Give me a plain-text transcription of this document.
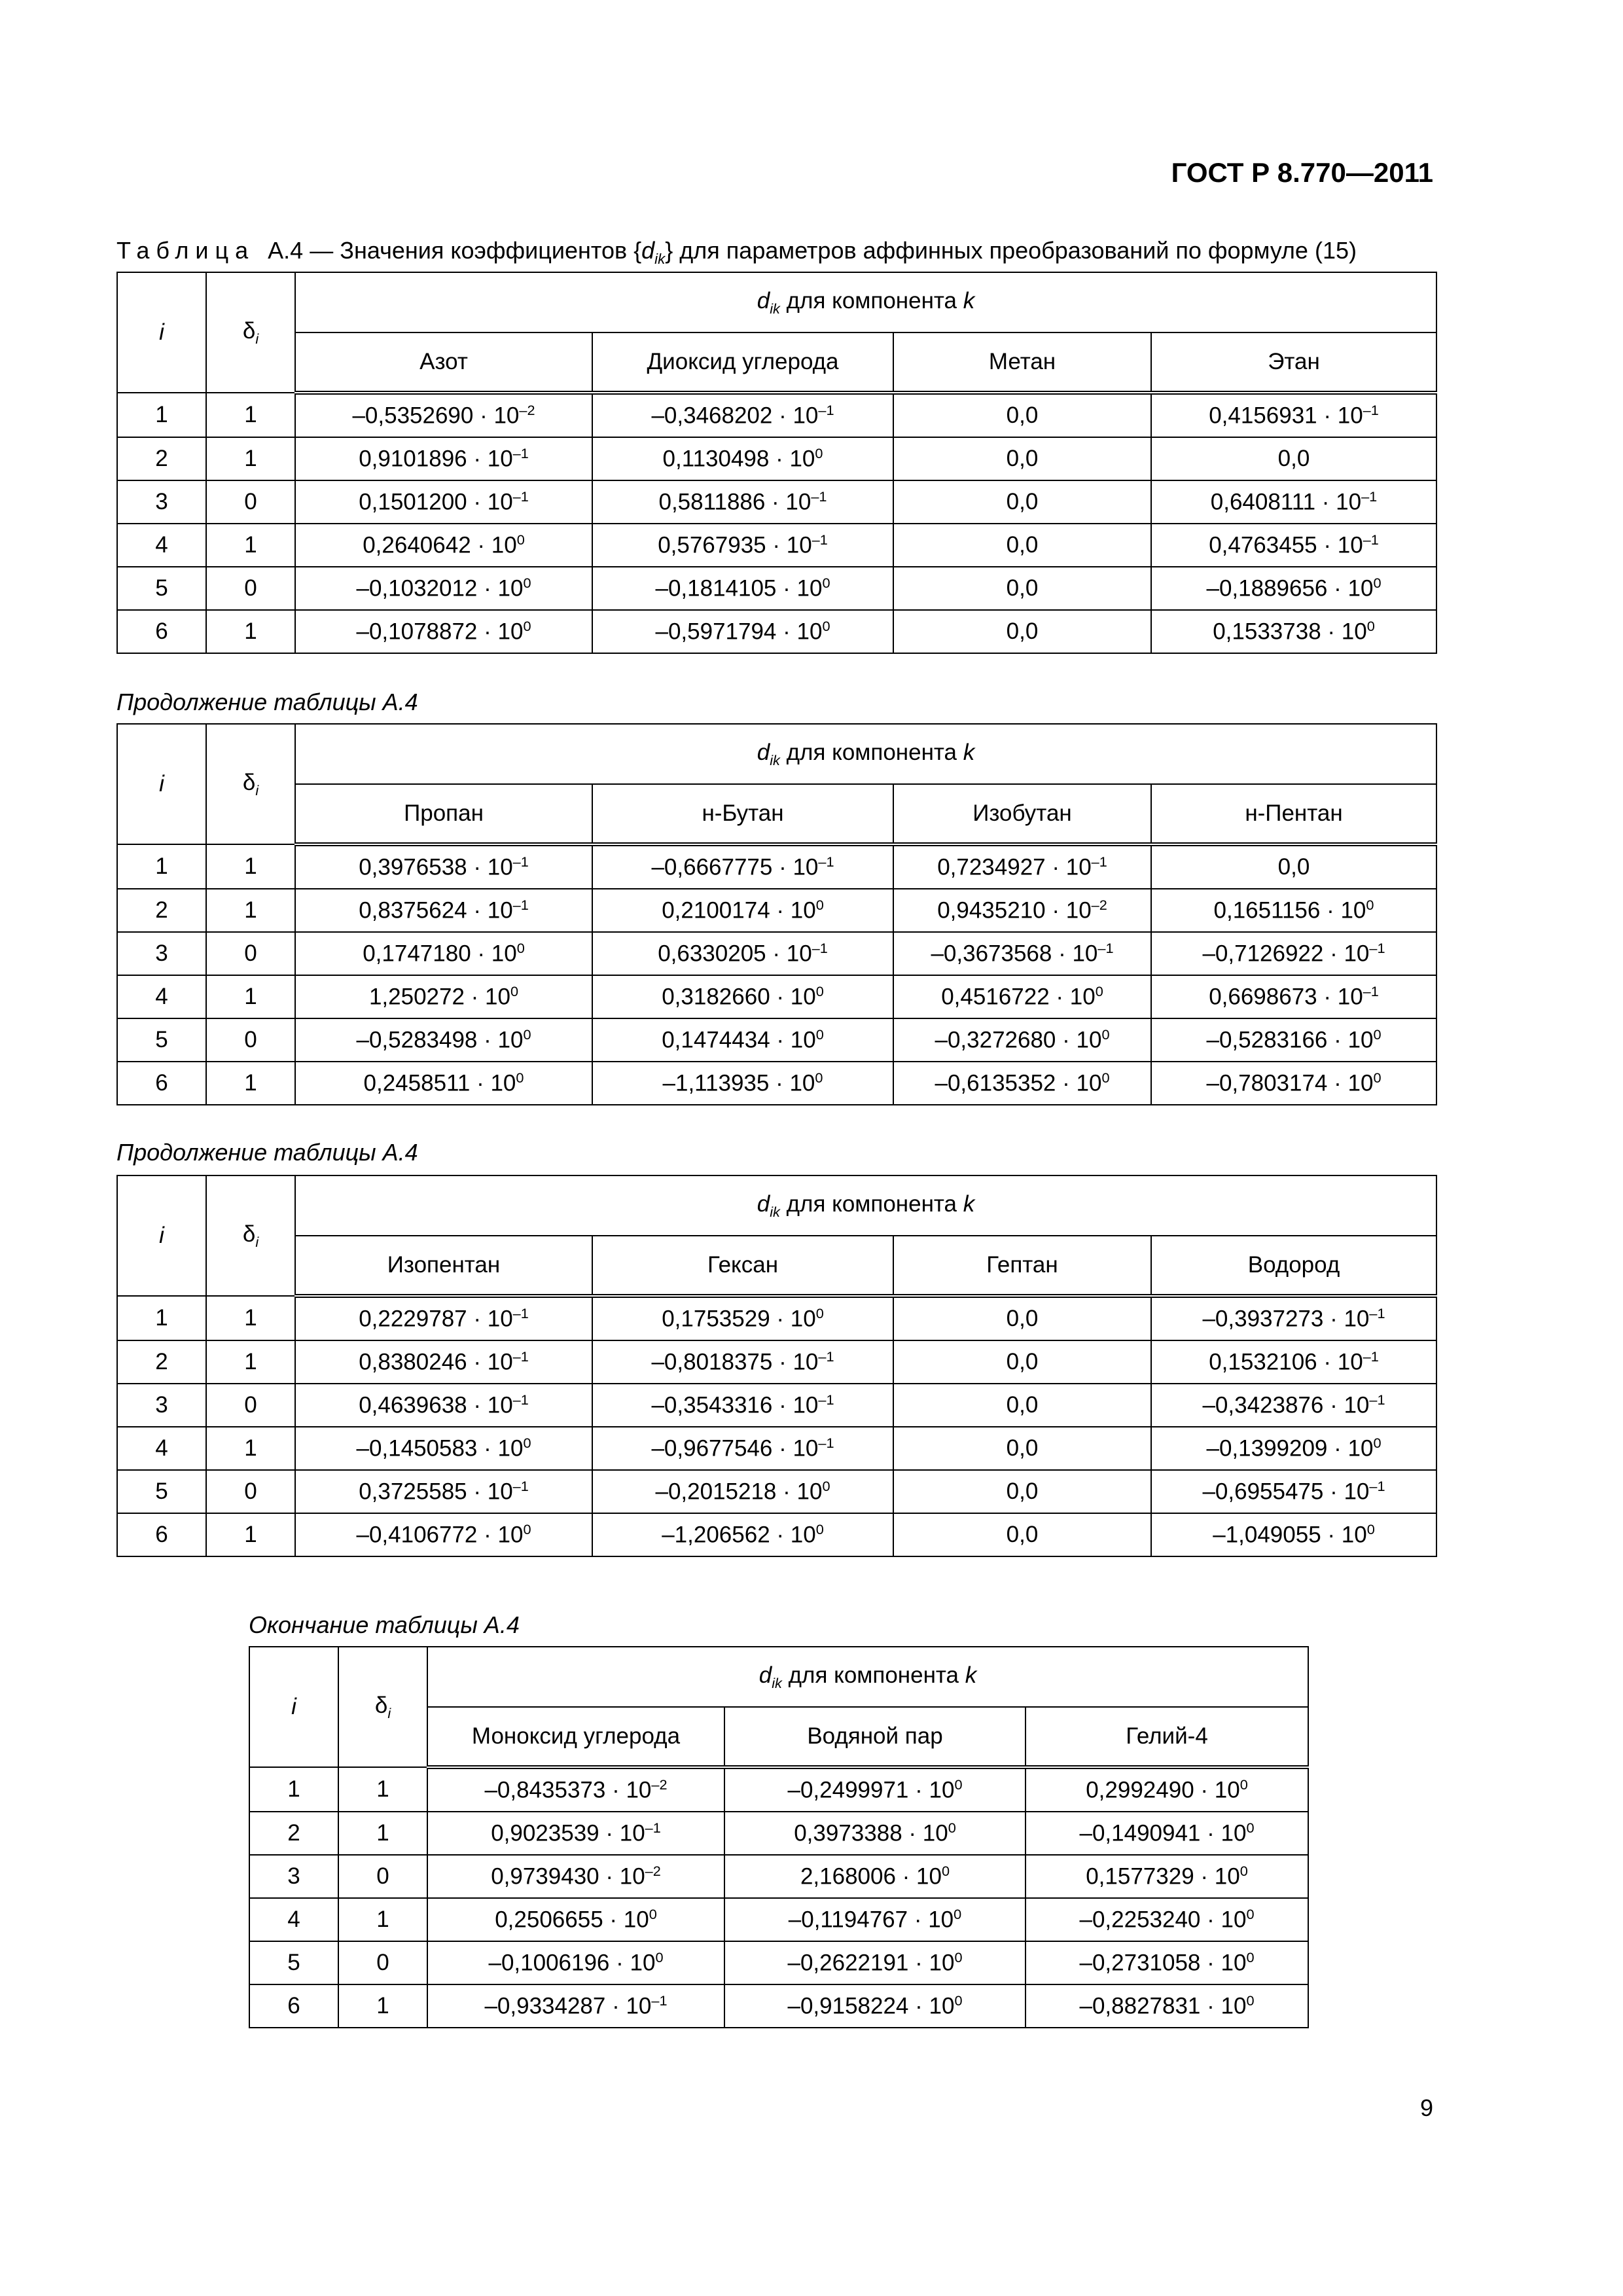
ГОСТ Р 8.770—2011
Таблица А.4 — Значения коэффициентов $\{d_{ik}\}$ для параметров аффинных преобразований по формуле (15)
i	$\delta_i$	$d_{ik}$ для компонента k			
		Азот	Диоксид углерода	Метан	Этан
1	1	$-0,5352690 \cdot 10^{-2}$	$-0,3468202 \cdot 10^{-1}$	0,0	$0,4156931 \cdot 10^{-1}$
2	1	$0,9101896 \cdot 10^{-1}$	$0,1130498 \cdot 10^0$	0,0	0,0
3	0	$0,1501200 \cdot 10^{-1}$	$0,5811886 \cdot 10^{-1}$	0,0	$0,6408111 \cdot 10^{-1}$
4	1	$0,2640642 \cdot 10^0$	$0,5767935 \cdot 10^{-1}$	0,0	$0,4763455 \cdot 10^{-1}$
5	0	$-0,1032012 \cdot 10^0$	$-0,1814105 \cdot 10^0$	0,0	$-0,1889656 \cdot 10^0$
6	1	$-0,1078872 \cdot 10^0$	$-0,5971794 \cdot 10^0$	0,0	$0,1533738 \cdot 10^0$
Продолжение таблицы А.4
i	$\delta_i$	$d_{ik}$ для компонента k			
		Пропан	н-Бутан	Изобутан	н-Пентан
1	1	$0,3976538 \cdot 10^{-1}$	$-0,6667775 \cdot 10^{-1}$	$0,7234927 \cdot 10^{-1}$	0,0
2	1	$0,8375624 \cdot 10^{-1}$	$0,2100174 \cdot 10^0$	$0,9435210 \cdot 10^{-2}$	$0,1651156 \cdot 10^0$
3	0	$0,1747180 \cdot 10^0$	$0,6330205 \cdot 10^{-1}$	$-0,3673568 \cdot 10^{-1}$	$-0,7126922 \cdot 10^{-1}$
4	1	$1,250272 \cdot 10^0$	$0,3182660 \cdot 10^0$	$0,4516722 \cdot 10^0$	$0,6698673 \cdot 10^{-1}$
5	0	$-0,5283498 \cdot 10^0$	$0,1474434 \cdot 10^0$	$-0,3272680 \cdot 10^0$	$-0,5283166 \cdot 10^0$
6	1	$0,2458511 \cdot 10^0$	$-1,113935 \cdot 10^0$	$-0,6135352 \cdot 10^0$	$-0,7803174 \cdot 10^0$
Продолжение таблицы А.4
i	$\delta_i$	$d_{ik}$ для компонента k			
		Изопентан	Гексан	Гептан	Водород
1	1	$0,2229787 \cdot 10^{-1}$	$0,1753529 \cdot 10^0$	0,0	$-0,3937273 \cdot 10^{-1}$
2	1	$0,8380246 \cdot 10^{-1}$	$-0,8018375 \cdot 10^{-1}$	0,0	$0,1532106 \cdot 10^{-1}$
3	0	$0,4639638 \cdot 10^{-1}$	$-0,3543316 \cdot 10^{-1}$	0,0	$-0,3423876 \cdot 10^{-1}$
4	1	$-0,1450583 \cdot 10^0$	$-0,9677546 \cdot 10^{-1}$	0,0	$-0,1399209 \cdot 10^0$
5	0	$0,3725585 \cdot 10^{-1}$	$-0,2015218 \cdot 10^0$	0,0	$-0,6955475 \cdot 10^{-1}$
6	1	$-0,4106772 \cdot 10^0$	$-1,206562 \cdot 10^0$	0,0	$-1,049055 \cdot 10^0$
Окончание таблицы А.4
i	$\delta_i$	$d_{ik}$ для компонента k		
		Моноксид углерода	Водяной пар	Гелий-4
1	1	$-0,8435373 \cdot 10^{-2}$	$-0,2499971 \cdot 10^0$	$0,2992490 \cdot 10^0$
2	1	$0,9023539 \cdot 10^{-1}$	$0,3973388 \cdot 10^0$	$-0,1490941 \cdot 10^0$
3	0	$0,9739430 \cdot 10^{-2}$	$2,168006 \cdot 10^0$	$0,1577329 \cdot 10^0$
4	1	$0,2506655 \cdot 10^0$	$-0,1194767 \cdot 10^0$	$-0,2253240 \cdot 10^0$
5	0	$-0,1006196 \cdot 10^0$	$-0,2622191 \cdot 10^0$	$-0,2731058 \cdot 10^0$
6	1	$-0,9334287 \cdot 10^{-1}$	$-0,9158224 \cdot 10^0$	$-0,8827831 \cdot 10^0$
9
